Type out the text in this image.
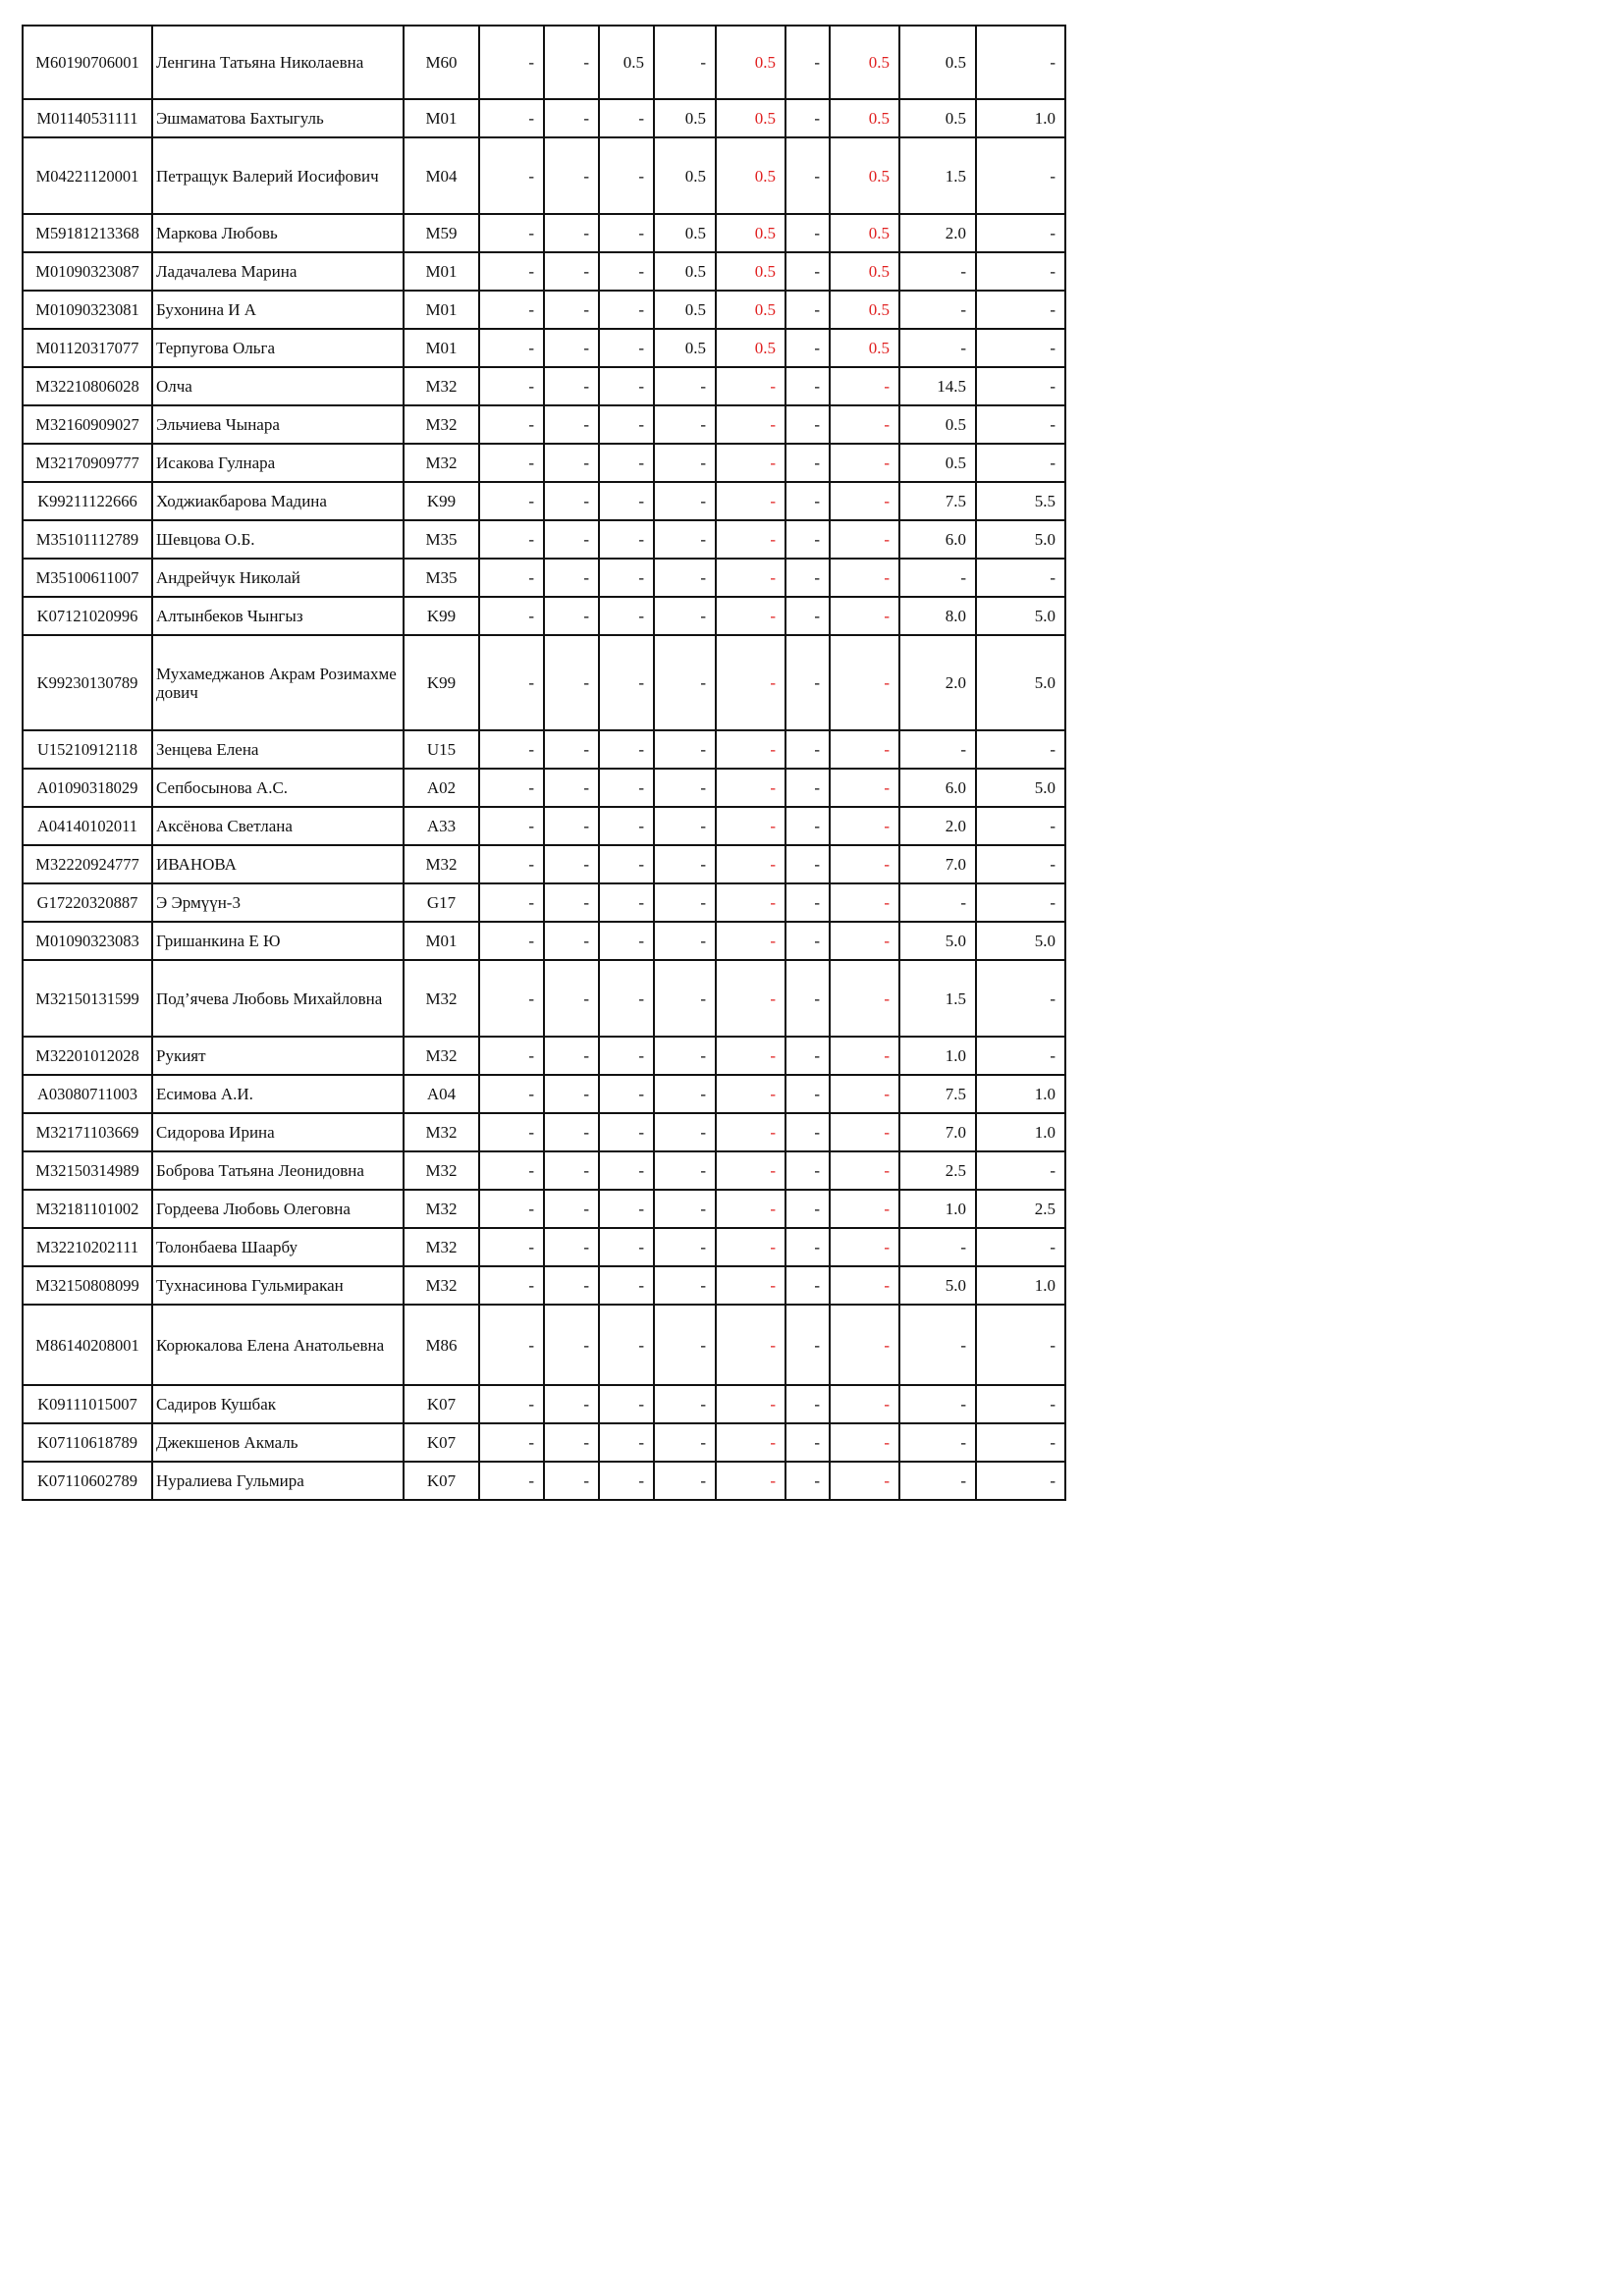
M60190706001	Ленгина Татьяна Николаевна	M60	-	-	0.5	-	0.5	-	0.5	0.5	-
M01140531111	Эшмаматова Бахтыгуль	M01	-	-	-	0.5	0.5	-	0.5	0.5	1.0
M04221120001	Петращук Валерий Иосифович	M04	-	-	-	0.5	0.5	-	0.5	1.5	-
M59181213368	Маркова Любовь	M59	-	-	-	0.5	0.5	-	0.5	2.0	-
M01090323087	Ладачалева Марина	M01	-	-	-	0.5	0.5	-	0.5	-	-
M01090323081	Бухонина И А	M01	-	-	-	0.5	0.5	-	0.5	-	-
M01120317077	Терпугова Ольга	M01	-	-	-	0.5	0.5	-	0.5	-	-
M32210806028	Олча	M32	-	-	-	-	-	-	-	14.5	-
M32160909027	Эльчиева Чынара	M32	-	-	-	-	-	-	-	0.5	-
M32170909777	Исакова Гулнара	M32	-	-	-	-	-	-	-	0.5	-
K99211122666	Ходжиакбарова Мадина	K99	-	-	-	-	-	-	-	7.5	5.5
M35101112789	Шевцова О.Б.	M35	-	-	-	-	-	-	-	6.0	5.0
M35100611007	Андрейчук Николай	M35	-	-	-	-	-	-	-	-	-
K07121020996	Алтынбеков Чынгыз	K99	-	-	-	-	-	-	-	8.0	5.0
K99230130789	Мухамеджанов Акрам Розимахмедович	K99	-	-	-	-	-	-	-	2.0	5.0
U15210912118	Зенцева Елена	U15	-	-	-	-	-	-	-	-	-
A01090318029	Сепбосынова А.С.	A02	-	-	-	-	-	-	-	6.0	5.0
A04140102011	Аксёнова Светлана	A33	-	-	-	-	-	-	-	2.0	-
M32220924777	ИВАНОВА	M32	-	-	-	-	-	-	-	7.0	-
G17220320887	Э Эрмүүн-3	G17	-	-	-	-	-	-	-	-	-
M01090323083	Гришанкина Е Ю	M01	-	-	-	-	-	-	-	5.0	5.0
M32150131599	Под’ячева Любовь Михайловна	M32	-	-	-	-	-	-	-	1.5	-
M32201012028	Рукият	M32	-	-	-	-	-	-	-	1.0	-
A03080711003	Есимова А.И.	A04	-	-	-	-	-	-	-	7.5	1.0
M32171103669	Сидорова Ирина	M32	-	-	-	-	-	-	-	7.0	1.0
M32150314989	Боброва Татьяна Леонидовна	M32	-	-	-	-	-	-	-	2.5	-
M32181101002	Гордеева Любовь Олеговна	M32	-	-	-	-	-	-	-	1.0	2.5
M32210202111	Толонбаева Шаарбу	M32	-	-	-	-	-	-	-	-	-
M32150808099	Тухнасинова Гульмиракан	M32	-	-	-	-	-	-	-	5.0	1.0
M86140208001	Корюкалова Елена Анатольевна	M86	-	-	-	-	-	-	-	-	-
K09111015007	Садиров Кушбак	K07	-	-	-	-	-	-	-	-	-
K07110618789	Джекшенов Акмаль	K07	-	-	-	-	-	-	-	-	-
K07110602789	Нуралиева Гульмира	K07	-	-	-	-	-	-	-	-	-
